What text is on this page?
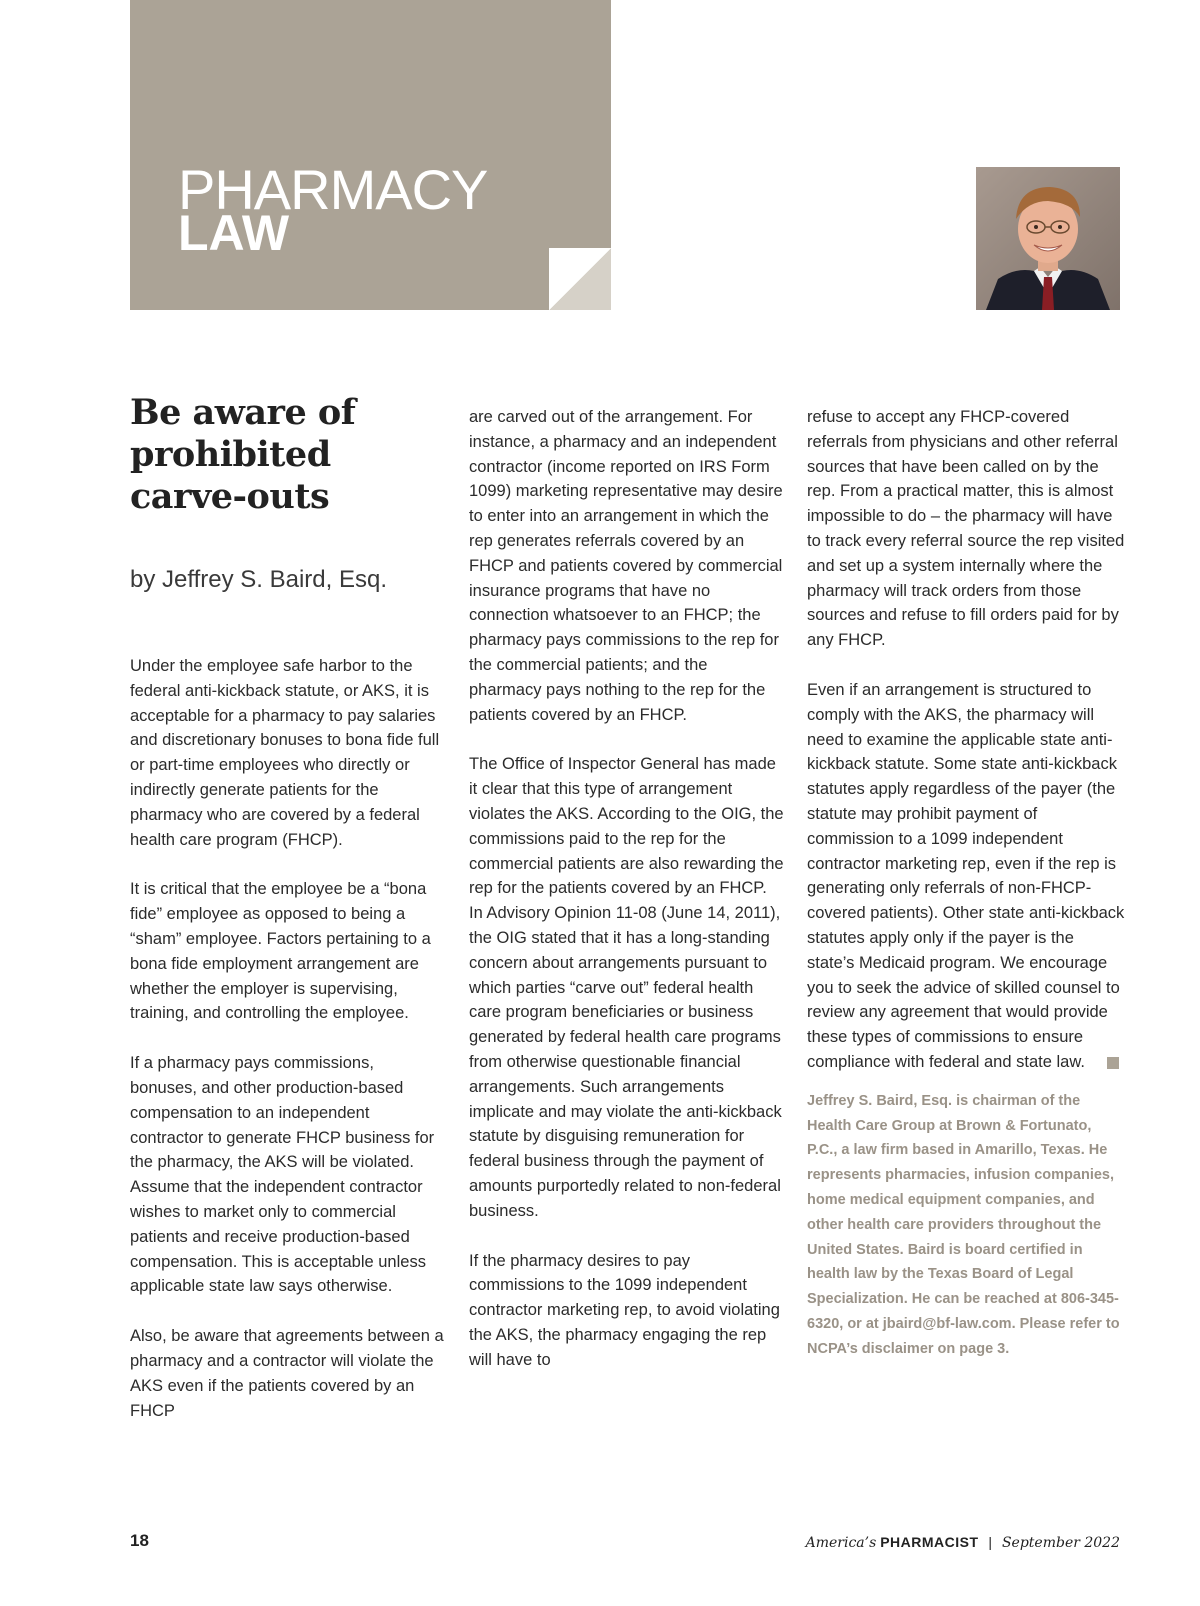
PHARMACY
LAW
Be aware of
prohibited
carve-outs
by Jeffrey S. Baird, Esq.

Under the employee safe harbor to the federal anti-kickback statute, or AKS, it is acceptable for a pharmacy to pay salaries and discretionary bonuses to bona fide full or part-time employees who directly or indirectly generate patients for the pharmacy who are covered by a federal health care program (FHCP).

It is critical that the employee be a “bona fide” employee as opposed to being a “sham” employee. Factors pertaining to a bona fide employment arrangement are whether the employer is supervising, training, and controlling the employee.

If a pharmacy pays commissions, bonuses, and other production-based compensation to an independent contractor to generate FHCP business for the pharmacy, the AKS will be violated. Assume that the independent contractor wishes to market only to commercial patients and receive production-based compensation. This is acceptable unless applicable state law says otherwise.

Also, be aware that agreements between a pharmacy and a contractor will violate the AKS even if the patients covered by an FHCP

are carved out of the arrangement. For instance, a pharmacy and an independent contractor (income reported on IRS Form 1099) marketing representative may desire to enter into an arrangement in which the rep generates referrals covered by an FHCP and patients covered by commercial insurance programs that have no connection whatsoever to an FHCP; the pharmacy pays commissions to the rep for the commercial patients; and the pharmacy pays nothing to the rep for the patients covered by an FHCP.

The Office of Inspector General has made it clear that this type of arrangement violates the AKS. According to the OIG, the commissions paid to the rep for the commercial patients are also rewarding the rep for the patients covered by an FHCP. In Advisory Opinion 11-08 (June 14, 2011), the OIG stated that it has a long-standing concern about arrangements pursuant to which parties “carve out” federal health care program beneficiaries or business generated by federal health care programs from otherwise questionable financial arrangements. Such arrangements implicate and may violate the anti-kickback statute by disguising remuneration for federal business through the payment of amounts purportedly related to non-federal business.

If the pharmacy desires to pay commissions to the 1099 independent contractor marketing rep, to avoid violating the AKS, the pharmacy engaging the rep will have to

refuse to accept any FHCP-covered referrals from physicians and other referral sources that have been called on by the rep. From a practical matter, this is almost impossible to do – the pharmacy will have to track every referral source the rep visited and set up a system internally where the pharmacy will track orders from those sources and refuse to fill orders paid for by any FHCP.

Even if an arrangement is structured to comply with the AKS, the pharmacy will need to examine the applicable state anti-kickback statute. Some state anti-kickback statutes apply regardless of the payer (the statute may prohibit payment of commission to a 1099 independent contractor marketing rep, even if the rep is generating only referrals of non-FHCP-covered patients). Other state anti-kickback statutes apply only if the payer is the state’s Medicaid program. We encourage you to seek the advice of skilled counsel to review any agreement that would provide these types of commissions to ensure compliance with federal and state law.

Jeffrey S. Baird, Esq. is chairman of the Health Care Group at Brown & Fortunato, P.C., a law firm based in Amarillo, Texas. He represents pharmacies, infusion companies, home medical equipment companies, and other health care providers throughout the United States. Baird is board certified in health law by the Texas Board of Legal Specialization. He can be reached at 806-345-6320, or at jbaird@bf-law.com. Please refer to NCPA’s disclaimer on page 3.
18	America’s PHARMACIST | September 2022
